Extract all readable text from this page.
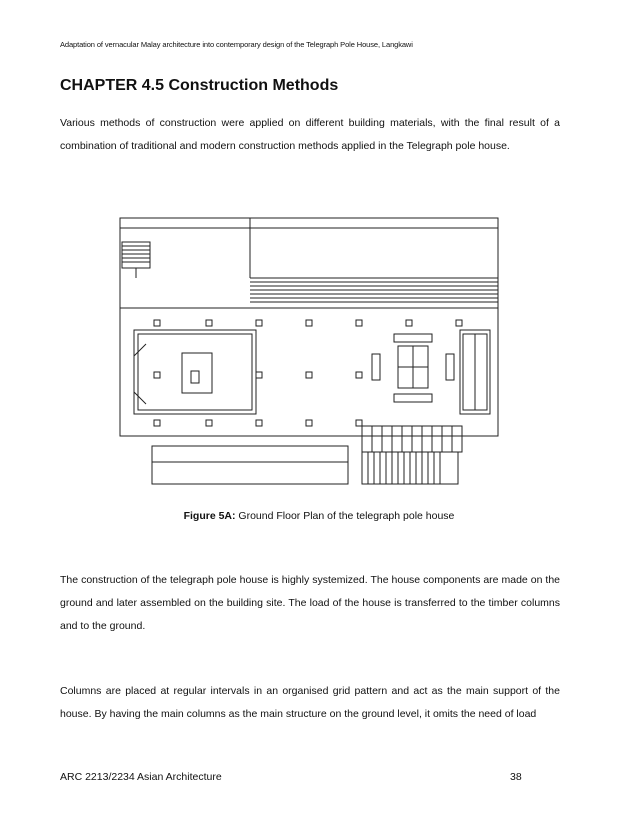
Adaptation of vernacular Malay architecture into contemporary design of the Telegraph Pole House, Langkawi
CHAPTER 4.5 Construction Methods
Various methods of construction were applied on different building materials, with the final result of a combination of traditional and modern construction methods applied in the Telegraph pole house.
Figure 5A: Ground Floor Plan of the telegraph pole house
The construction of the telegraph pole house is highly systemized. The house components are made on the ground and later assembled on the building site. The load of the house is transferred to the timber columns and to the ground.
Columns are placed at regular intervals in an organised grid pattern and act as the main support of the house. By having the main columns as the main structure on the ground level, it omits the need of load
ARC 2213/2234 Asian Architecture	38
